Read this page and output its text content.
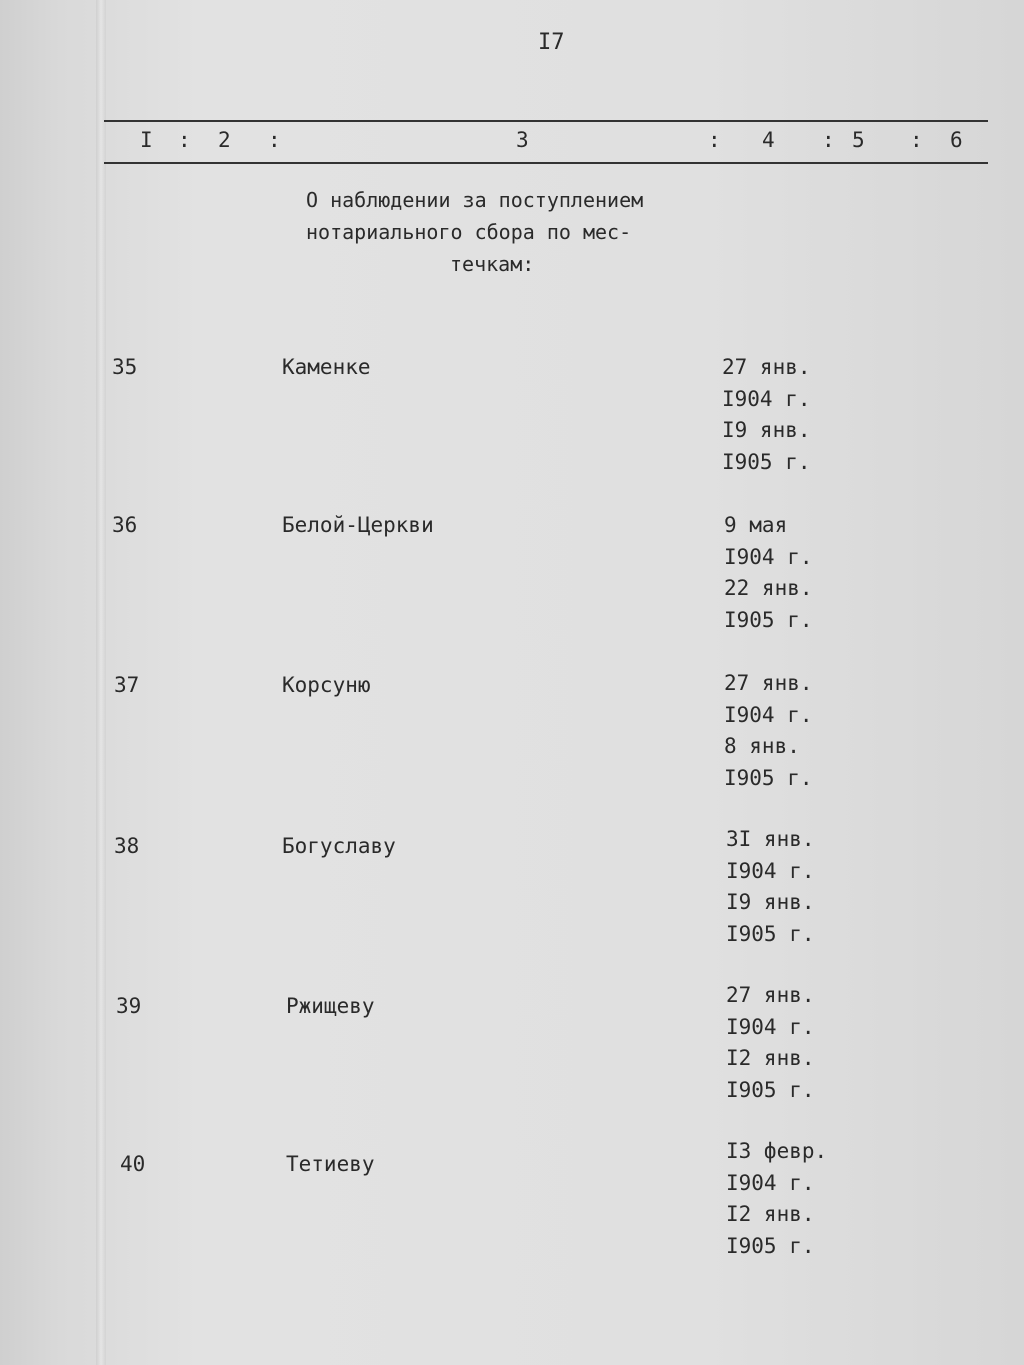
I7
I : 2 :	3	: 4 : 5 : 6
О наблюдении за поступлением
нотариального сбора по мес-
течкам:
35	Каменке	27 янв.
I904 г.
I9 янв.
I905 г.
36	Белой-Церкви	9 мая
I904 г.
22 янв.
I905 г.
37	Корсуню	27 янв.
I904 г.
8 янв.
I905 г.
38	Богуславу	3I янв.
I904 г.
I9 янв.
I905 г.
39	Ржищеву	27 янв.
I904 г.
I2 янв.
I905 г.
40	Тетиеву
I3 февр.
I904 г.
I2 янв.
I905 г.
